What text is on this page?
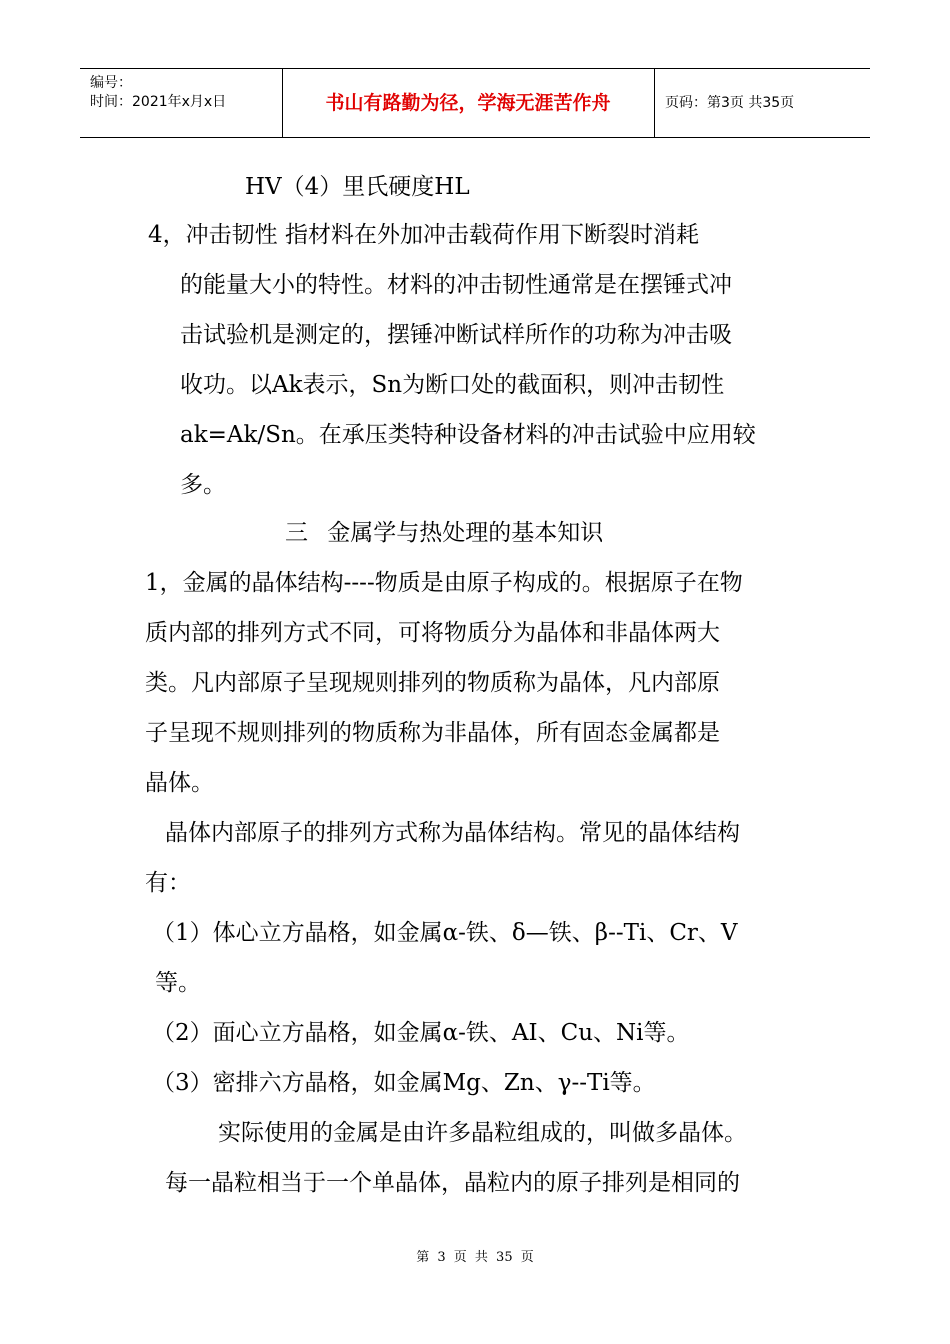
编号：
时间：2021年x月x日	书山有路勤为径，学海无涯苦作舟	页码：第3页 共35页
HV（4）里氏硬度HL
4，冲击韧性 指材料在外加冲击载荷作用下断裂时消耗
的能量大小的特性。材料的冲击韧性通常是在摆锤式冲
击试验机是测定的，摆锤冲断试样所作的功称为冲击吸
收功。以Ak表示，Sn为断口处的截面积，则冲击韧性
ak=Ak/Sn。在承压类特种设备材料的冲击试验中应用较
多。
三 金属学与热处理的基本知识
1，金属的晶体结构----物质是由原子构成的。根据原子在物
质内部的排列方式不同，可将物质分为晶体和非晶体两大
类。凡内部原子呈现规则排列的物质称为晶体，凡内部原
子呈现不规则排列的物质称为非晶体，所有固态金属都是
晶体。
晶体内部原子的排列方式称为晶体结构。常见的晶体结构
有：
（1）体心立方晶格，如金属α-铁、δ—铁、β--Ti、Cr、V
等。
（2）面心立方晶格，如金属α-铁、AI、Cu、Ni等。
（3）密排六方晶格，如金属Mg、Zn、γ--Ti等。
实际使用的金属是由许多晶粒组成的，叫做多晶体。
每一晶粒相当于一个单晶体，晶粒内的原子排列是相同的
第 3 页 共 35 页
